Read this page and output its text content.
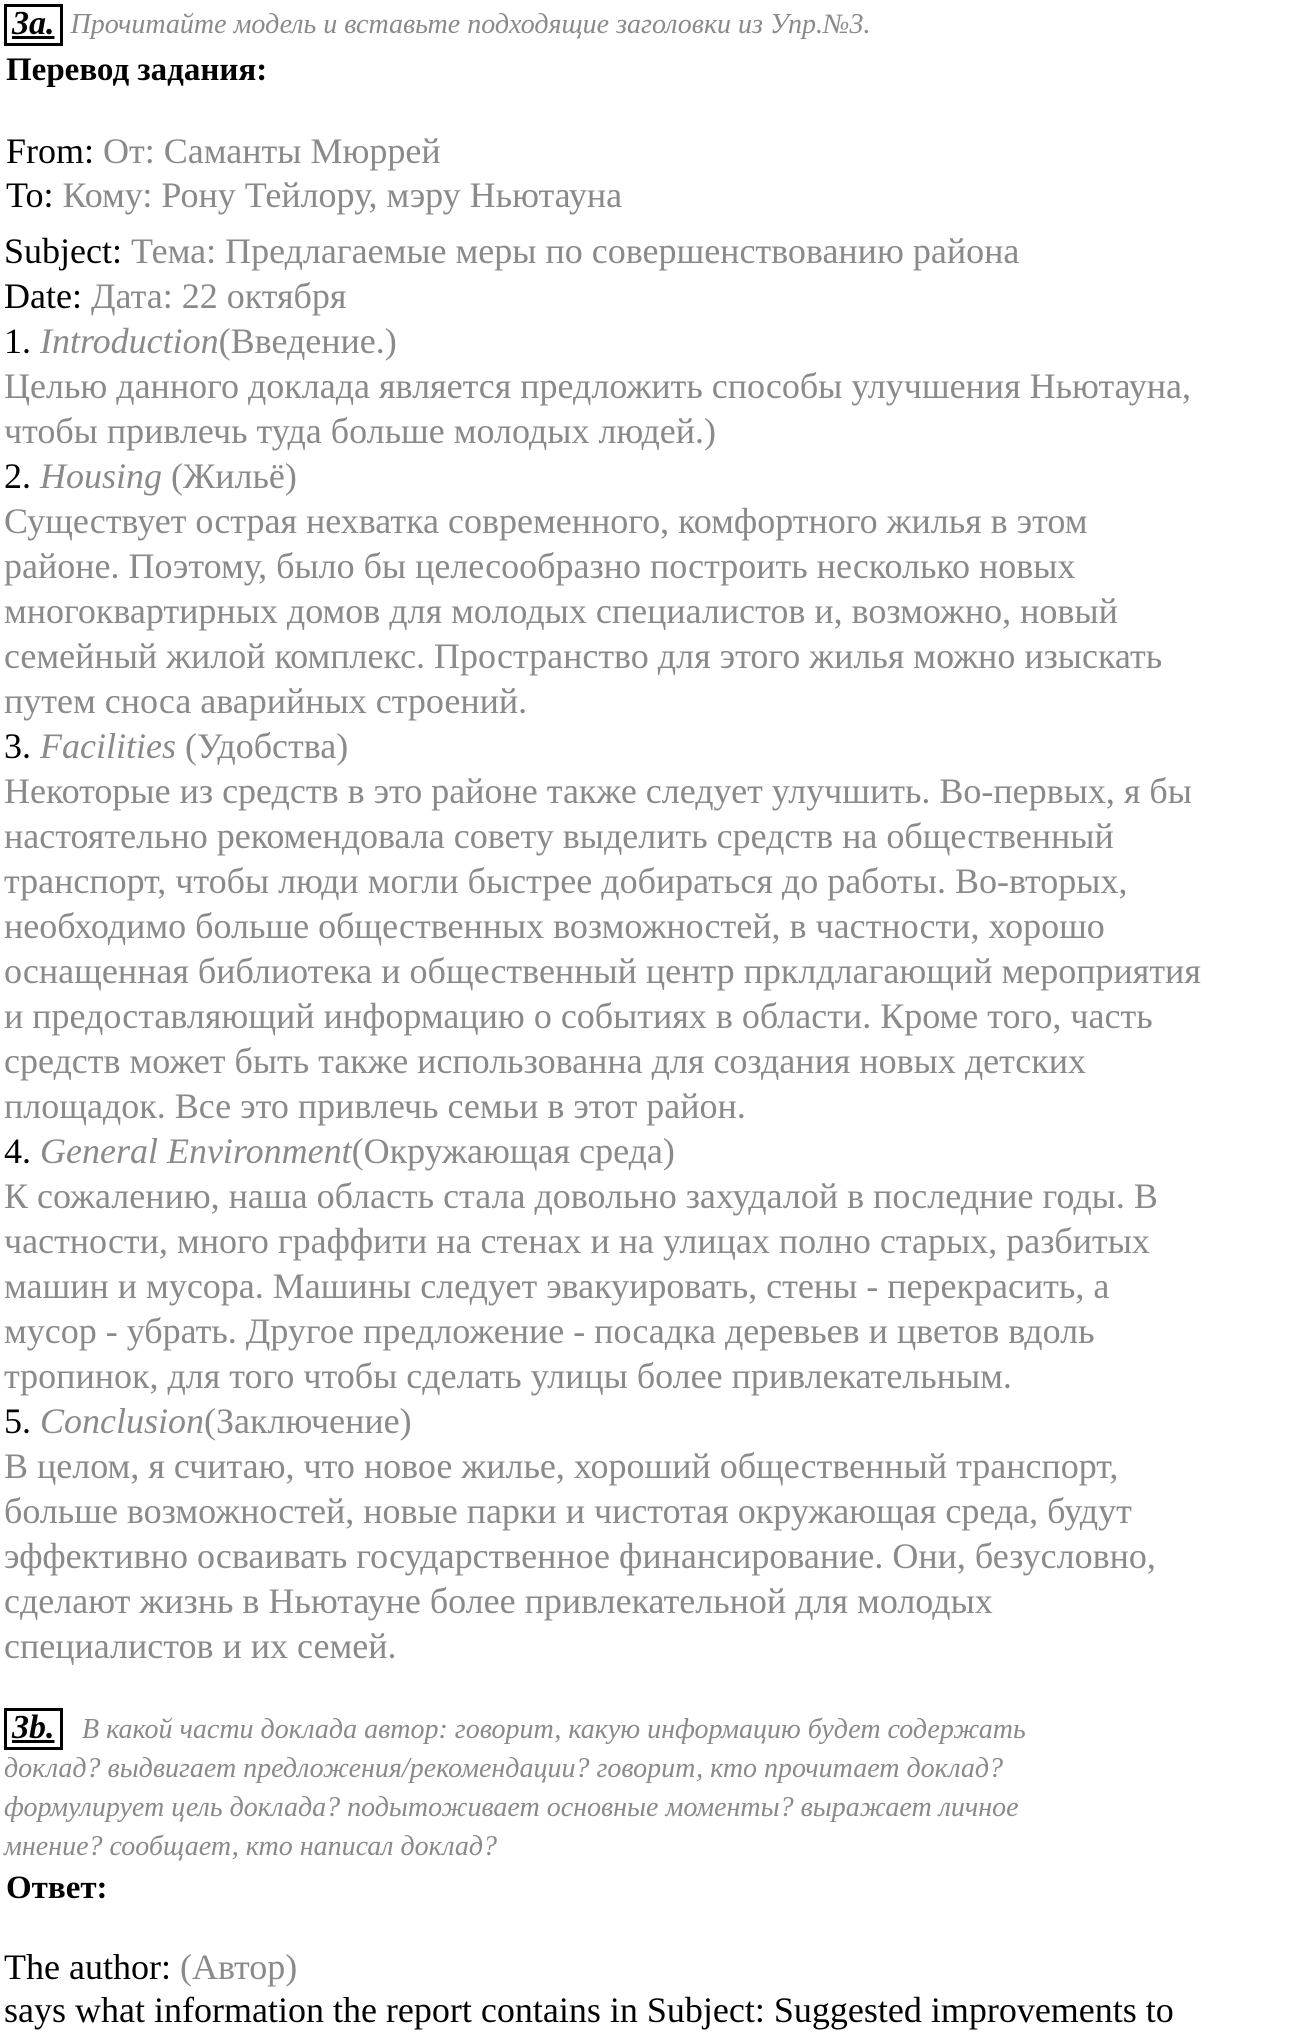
3a. Прочитайте модель и вставьте подходящие заголовки из Упр.№3.
Перевод задания:
From: От: Саманты Мюррей
To: Кому: Рону Тейлору, мэру Ньютауна
Subject: Тема: Предлагаемые меры по совершенствованию района
Date: Дата: 22 октября
1. Introduction(Введение.)
Целью данного доклада является предложить способы улучшения Ньютауна,
чтобы привлечь туда больше молодых людей.)
2. Housing (Жильё)
Существует острая нехватка современного, комфортного жилья в этом
районе. Поэтому, было бы целесообразно построить несколько новых
многоквартирных домов для молодых специалистов и, возможно, новый
семейный жилой комплекс. Пространство для этого жилья можно изыскать
путем сноса аварийных строений.
3. Facilities (Удобства)
Некоторые из средств в это районе также следует улучшить. Во-первых, я бы
настоятельно рекомендовала совету выделить средств на общественный
транспорт, чтобы люди могли быстрее добираться до работы. Во-вторых,
необходимо больше общественных возможностей, в частности, хорошо
оснащенная библиотека и общественный центр прклдлагающий мероприятия
и предоставляющий информацию о событиях в области. Кроме того, часть
средств может быть также использованна для создания новых детских
площадок. Все это привлечь семьи в этот район.
4. General Environment(Окружающая среда)
К сожалению, наша область стала довольно захудалой в последние годы. В
частности, много граффити на стенах и на улицах полно старых, разбитых
машин и мусора. Машины следует эвакуировать, стены - перекрасить, а
мусор - убрать. Другое предложение - посадка деревьев и цветов вдоль
тропинок, для того чтобы сделать улицы более привлекательным.
5. Conclusion(Заключение)
В целом, я считаю, что новое жилье, хороший общественный транспорт,
больше возможностей, новые парки и чистотая окружающая среда, будут
эффективно осваивать государственное финансирование. Они, безусловно,
сделают жизнь в Ньютауне более привлекательной для молодых
специалистов и их семей.
3b. В какой части доклада автор: говорит, какую информацию будет содержать
доклад? выдвигает предложения/рекомендации? говорит, кто прочитает доклад?
формулирует цель доклада? подытоживает основные моменты? выражает личное
мнение? сообщает, кто написал доклад?
Ответ:
The author: (Автор)
says what information the report contains in Subject: Suggested improvements to
